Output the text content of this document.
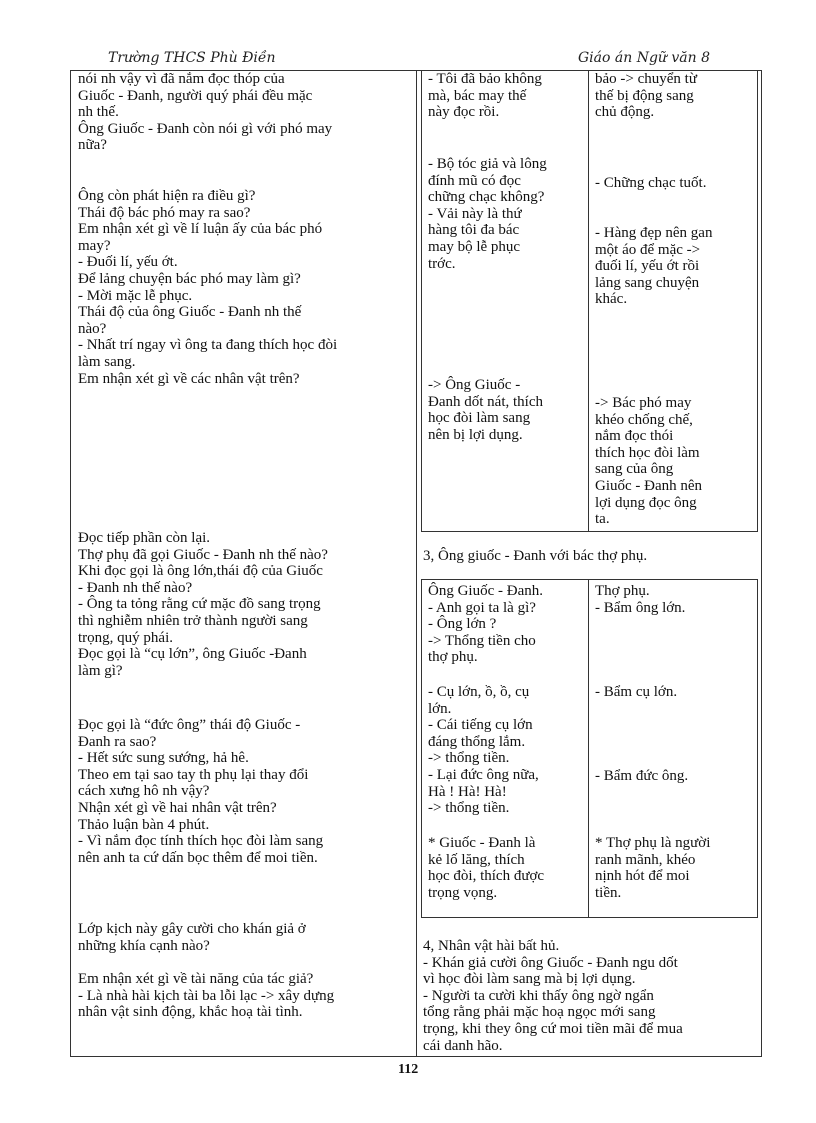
Trường THCS Phù Điền	Giáo án Ngữ văn 8

nói nh vậy vì đã nắm đọc thóp của

Giuốc - Đanh, người quý phái đều mặc

nh thế.

Ông Giuốc - Đanh còn nói gì với phó may

nữa?

Ông còn phát hiện ra điều gì?

Thái độ bác phó may ra sao?

Em nhận xét gì về lí luận ấy của bác phó

may?

- Đuối lí, yếu ớt.

Để lảng chuyện bác phó may làm gì?

- Mời mặc lễ phục.

Thái độ của ông Giuốc - Đanh nh thế

nào?

- Nhất trí ngay vì ông ta đang thích học đòi

làm sang.

Em nhận xét gì về các nhân vật trên?

Đọc tiếp phần còn lại.

Thợ phụ đã gọi Giuốc - Đanh nh thế nào?

Khi đọc gọi là ông lớn,thái độ của Giuốc

- Đanh nh thế nào?

- Ông ta tỏng rằng cứ mặc đồ sang trọng

thì nghiễm nhiên trở thành người sang

trọng, quý phái.

Đọc gọi là “cụ lớn”, ông Giuốc -Đanh

làm gì?

Đọc gọi là “đức ông” thái độ Giuốc -

Đanh ra sao?

- Hết sức sung sướng, hả hê.

Theo em tại sao tay th phụ lại thay đổi

cách xưng hô nh vậy?

Nhận xét gì về hai nhân vật trên?

Thảo luận bàn 4 phút.

- Vì nắm đọc tính thích học đòi làm sang

nên anh ta cứ dấn bọc thêm để moi tiền.

Lớp kịch này gây cười cho khán giả ở

những khía cạnh nào?

Em nhận xét gì về tài năng của tác giả?

- Là nhà hài kịch tài ba lỗi lạc -> xây dựng

nhân vật sinh động, khắc hoạ tài tình.

- Tôi đã bảo không

mà, bác may thế

này đọc rồi.

bảo -> chuyển từ

thế bị động sang

chủ động.

- Bộ tóc giả và lông

đính mũ có đọc

chững chạc không?

- Vải này là thứ

hàng tôi đa bác

may bộ lễ phục

trớc.

- Chững chạc tuốt.

- Hàng đẹp nên gan

một áo để mặc ->

đuối lí, yếu ớt rồi

lảng sang chuyện

khác.

-> Ông Giuốc -

Đanh dốt nát, thích

học đòi làm sang

nên bị lợi dụng.

-> Bác phó may

khéo chống chế,

nắm đọc thói

thích học đòi làm

sang của ông

Giuốc - Đanh nên

lợi dụng đọc ông

ta.

3, Ông giuốc - Đanh với bác thợ phụ.

Ông Giuốc - Đanh.

- Anh gọi ta là gì?

- Ông lớn ?

-> Thổng tiền cho

thợ phụ.

Thợ phụ.

- Bẩm ông lớn.

- Cụ lớn, ồ, ồ, cụ

lớn.

- Cái tiếng cụ lớn

đáng thổng lắm.

-> thổng tiền.

- Lại đức ông nữa,

Hà ! Hà! Hà!

-> thổng tiền.

- Bẩm cụ lớn.

- Bẩm đức ông.

* Giuốc - Đanh là

kẻ lố lăng, thích

học đòi, thích được

trọng vọng.

* Thợ phụ là người

ranh mãnh, khéo

nịnh hót để moi

tiền.

4, Nhân vật hài bất hủ.

- Khán giả cười ông Giuốc - Đanh ngu dốt

vì học đòi làm sang mà bị lợi dụng.

- Người ta cười khi thấy ông ngờ ngẩn

tổng rằng phải mặc hoạ ngọc mới sang

trọng, khi they ông cứ moi tiền mãi để mua

cái danh hão.

112
